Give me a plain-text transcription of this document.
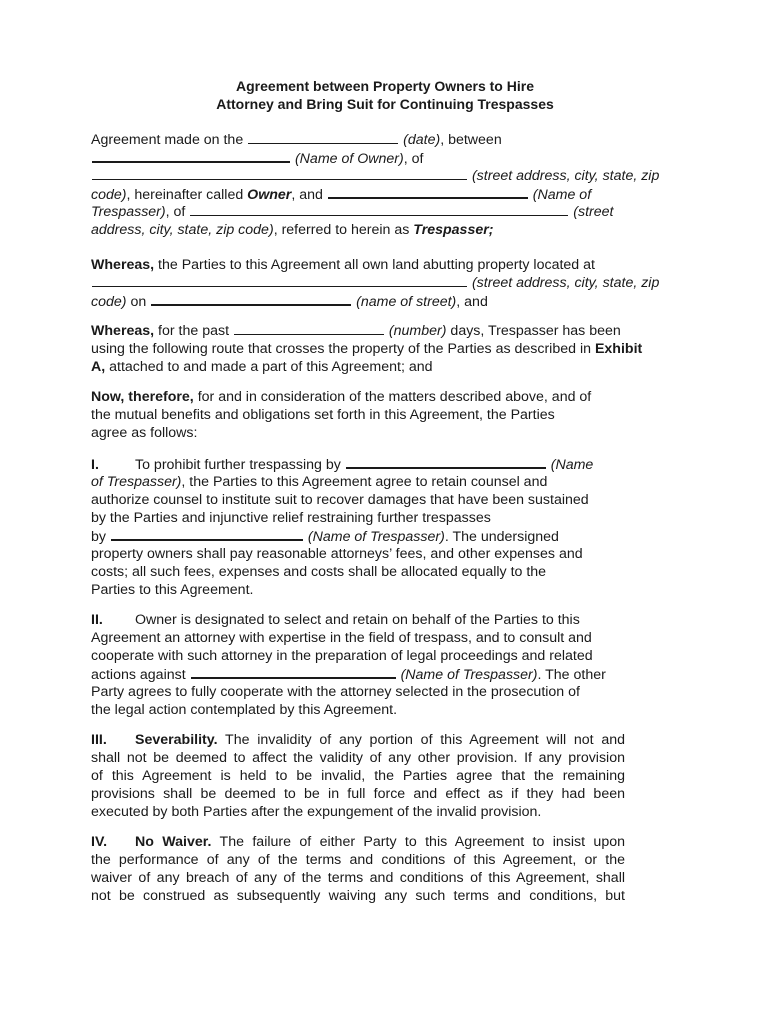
Agreement between Property Owners to Hire
Attorney and Bring Suit for Continuing Trespasses
Agreement made on the	(date), between
(Name of Owner), of
(street address, city, state, zip
code), hereinafter called Owner, and	(Name of
Trespasser), of	(street
address, city, state, zip code), referred to herein as Trespasser;
Whereas, the Parties to this Agreement all own land abutting property located at
(street address, city, state, zip
code) on	(name of street), and
Whereas, for the past	(number) days, Trespasser has been
using the following route that crosses the property of the Parties as described in Exhibit
A, attached to and made a part of this Agreement; and
Now, therefore, for and in consideration of the matters described above, and of
the mutual benefits and obligations set forth in this Agreement, the Parties
agree as follows:
I.	To prohibit further trespassing by	(Name
of Trespasser), the Parties to this Agreement agree to retain counsel and
authorize counsel to institute suit to recover damages that have been sustained
by the Parties and injunctive relief restraining further trespasses
by	(Name of Trespasser). The undersigned
property owners shall pay reasonable attorneys’ fees, and other expenses and
costs; all such fees, expenses and costs shall be allocated equally to the
Parties to this Agreement.
II. Owner is designated to select and retain on behalf of the Parties to this
Agreement an attorney with expertise in the field of trespass, and to consult and
cooperate with such attorney in the preparation of legal proceedings and related
actions against	(Name of Trespasser). The other
Party agrees to fully cooperate with the attorney selected in the prosecution of
the legal action contemplated by this Agreement.
III. Severability. The invalidity of any portion of this Agreement will not and
shall not be deemed to affect the validity of any other provision. If any provision
of this Agreement is held to be invalid, the Parties agree that the remaining
provisions shall be deemed to be in full force and effect as if they had been
executed by both Parties after the expungement of the invalid provision.
IV. No Waiver. The failure of either Party to this Agreement to insist upon
the performance of any of the terms and conditions of this Agreement, or the
waiver of any breach of any of the terms and conditions of this Agreement, shall
not be construed as subsequently waiving any such terms and conditions, but
